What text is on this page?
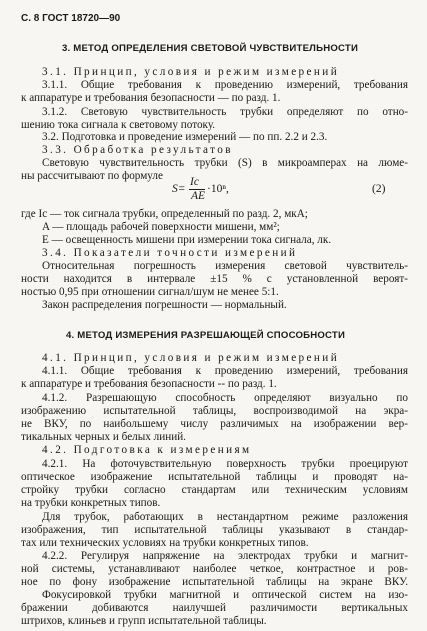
С. 8 ГОСТ 18720—90
3. МЕТОД ОПРЕДЕЛЕНИЯ СВЕТОВОЙ ЧУВСТВИТЕЛЬНОСТИ
3.1. Принцип, условия и режим измерений
3.1.1. Общие требования к проведению измерений, требования
к аппаратуре и требования безопасности — по разд. 1.
3.1.2. Световую чувствительность трубки определяют по отно-
шению тока сигнала к световому потоку.
3.2. Подготовка и проведение измерений — по пп. 2.2 и 2.3.
3.3. Обработка результатов
Световую чувствительность трубки (S) в микроамперах на люме-
ны рассчитывают по формуле
S=
Iс
AE
·10ⁿ,	(2)
где Iс — ток сигнала трубки, определенный по разд. 2, мкА;
A — площадь рабочей поверхности мишени, мм²;
E — освещенность мишени при измерении тока сигнала, лк.
3.4. Показатели точности измерений
Относительная погрешность измерения световой чувствитель-
ности находится в интервале ±15 % с установленной вероят-
ностью 0,95 при отношении сигнал/шум не менее 5:1.
Закон распределения погрешности — нормальный.
4. МЕТОД ИЗМЕРЕНИЯ РАЗРЕШАЮЩЕЙ СПОСОБНОСТИ
4.1. Принцип, условия и режим измерений
4.1.1. Общие требования к проведению измерений, требования
к аппаратуре и требования безопасности -- по разд. 1.
4.1.2. Разрешающую способность определяют визуально по
изображению испытательной таблицы, воспроизводимой на экра-
не ВКУ, по наибольшему числу различимых на изображении вер-
тикальных черных и белых линий.
4.2. Подготовка к измерениям
4.2.1. На фоточувствительную поверхность трубки проецируют
оптическое изображение испытательной таблицы и проводят на-
стройку трубки согласно стандартам или техническим условиям
на трубки конкретных типов.
Для трубок, работающих в нестандартном режиме разложения
изображения, тип испытательной таблицы указывают в стандар-
тах или технических условиях на трубки конкретных типов.
4.2.2. Регулируя напряжение на электродах трубки и магнит-
ной системы, устанавливают наиболее четкое, контрастное и ров-
ное по фону изображение испытательной таблицы на экране ВКУ.
Фокусировкой трубки магнитной и оптической систем на изо-
бражении добиваются наилучшей различимости вертикальных
штрихов, клиньев и групп испытательной таблицы.
